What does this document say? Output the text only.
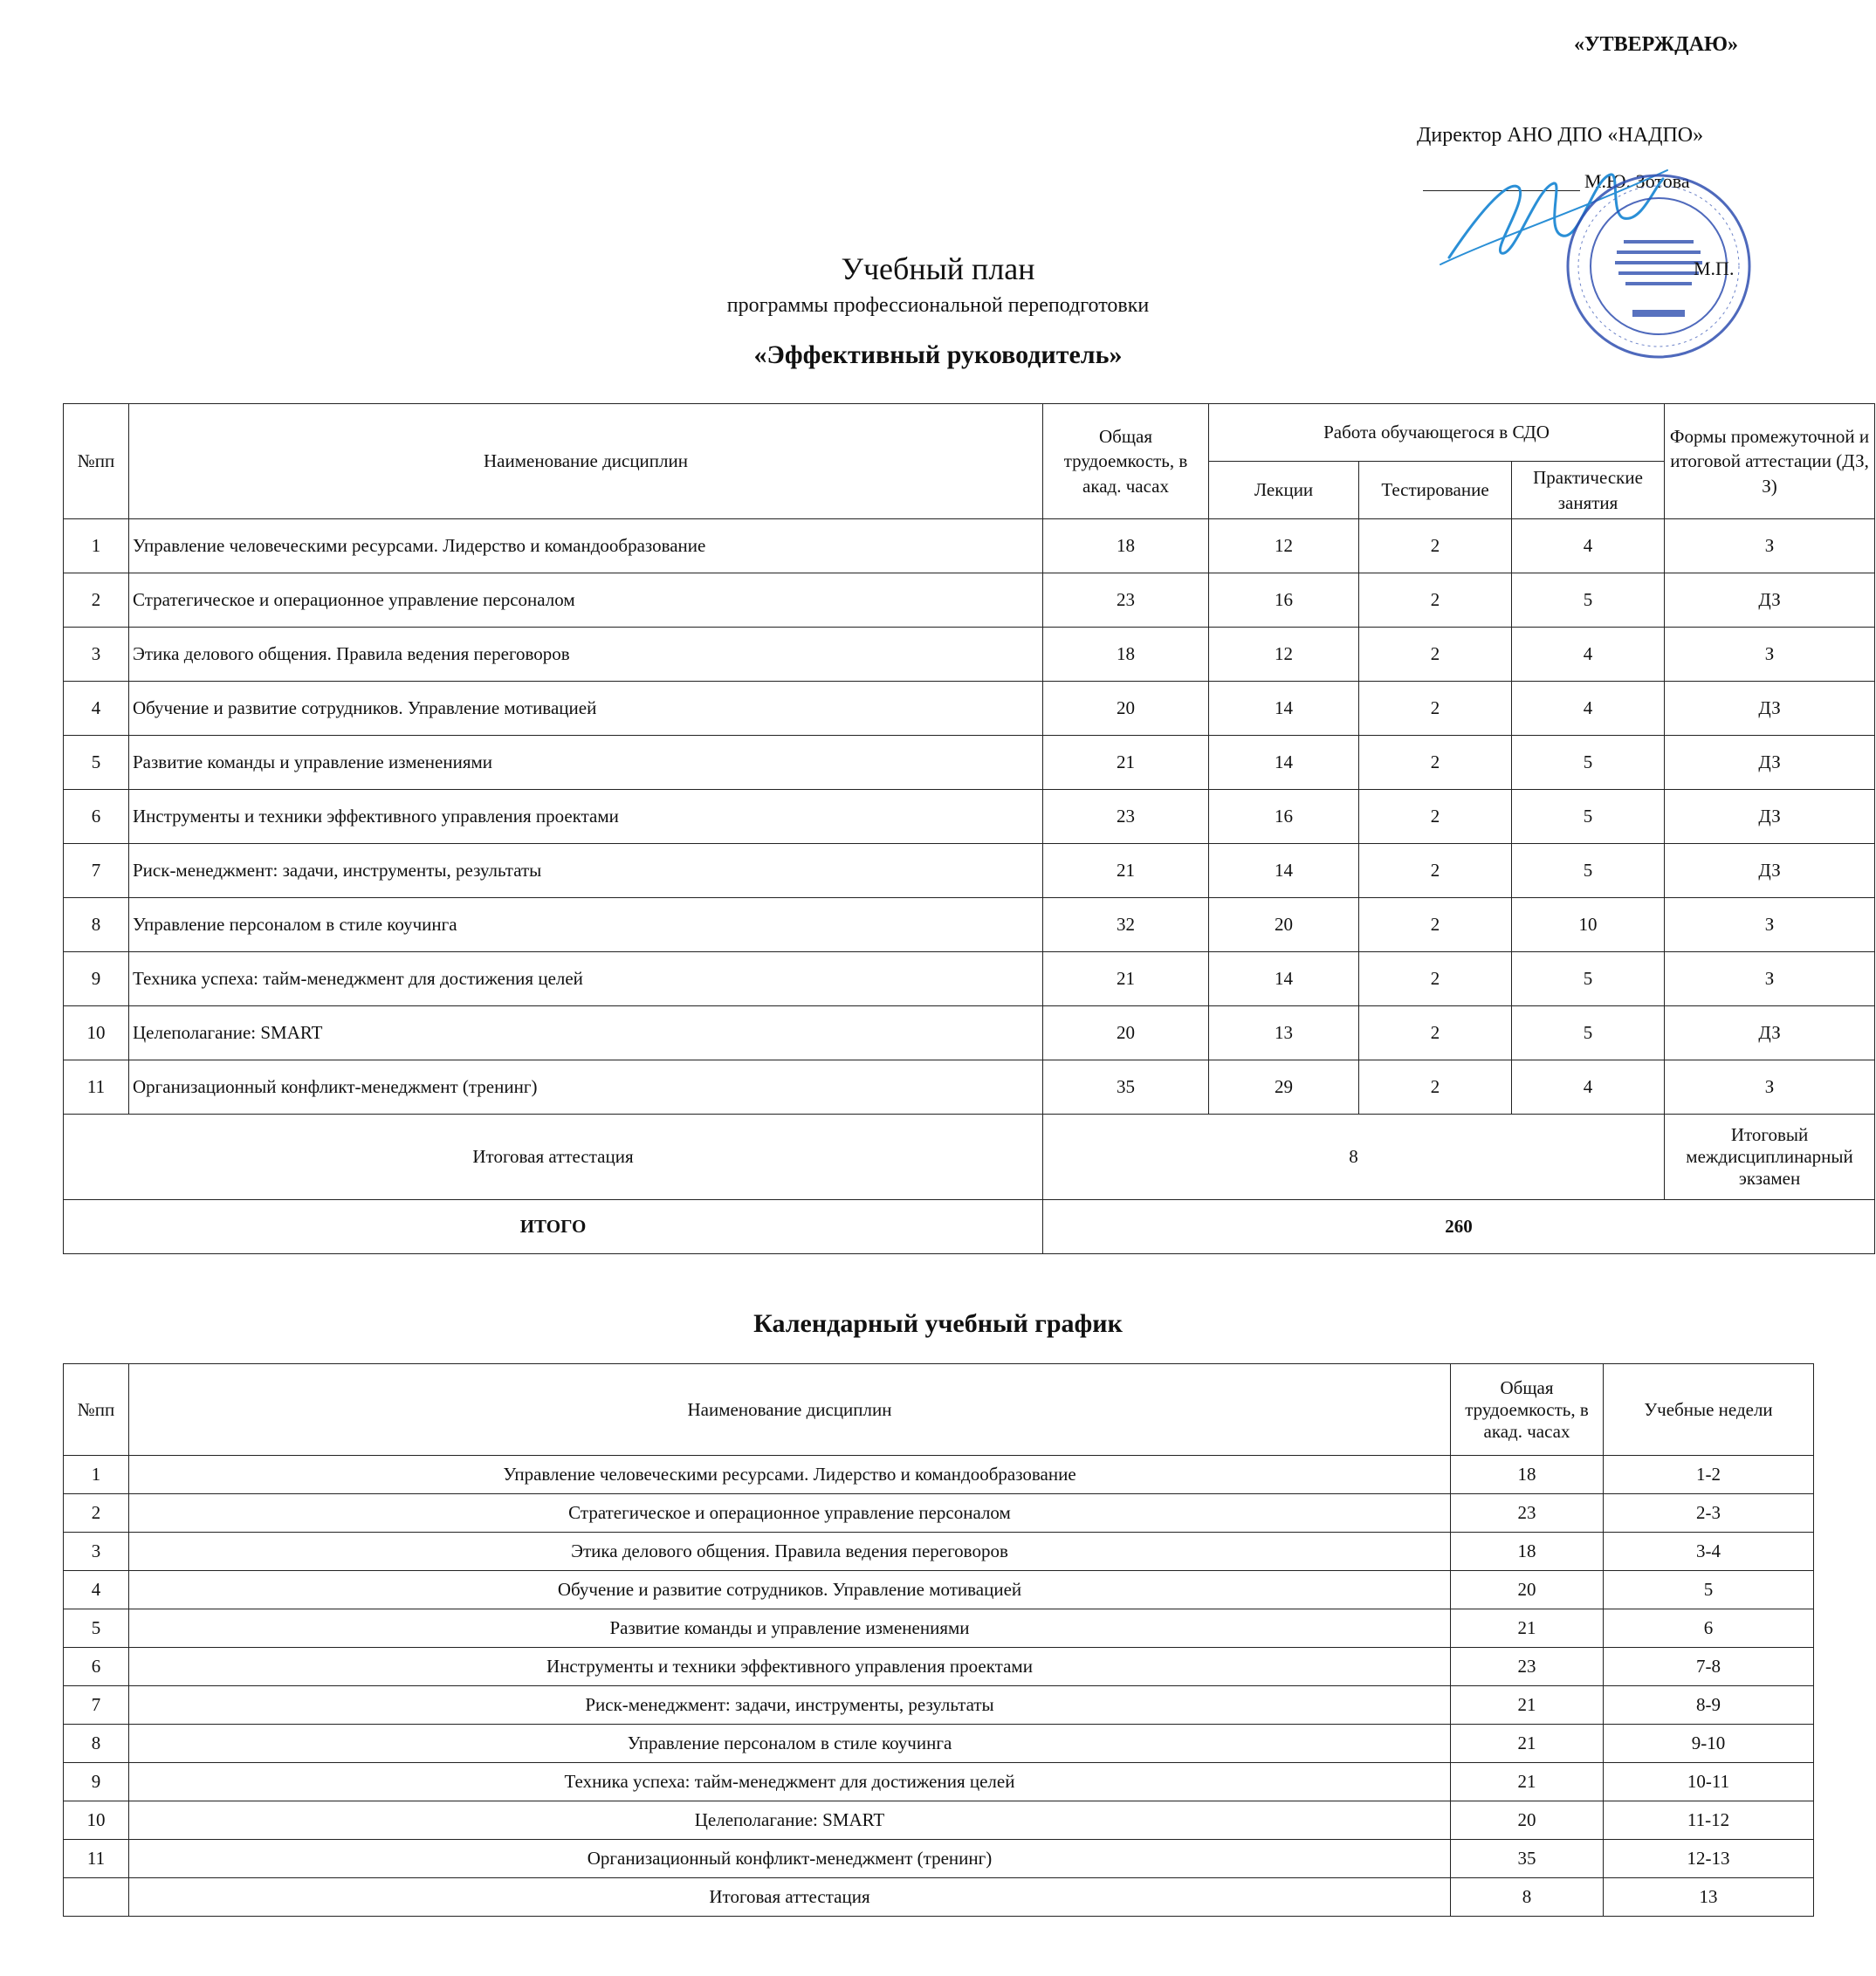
«УТВЕРЖДАЮ»
Директор АНО ДПО «НАДПО»
М.Ю. Зотова
М.П.
Учебный план
программы профессиональной переподготовки
«Эффективный руководитель»
№пп	Наименование дисциплин	Общая трудоемкость, в акад. часах	Работа обучающегося в СДО			Формы промежуточной и итоговой аттестации (ДЗ, З)
			Лекции	Тестирование	Практические занятия	
1	Управление человеческими ресурсами. Лидерство и командообразование	18	12	2	4	З
2	Стратегическое и операционное управление персоналом	23	16	2	5	ДЗ
3	Этика делового общения. Правила ведения переговоров	18	12	2	4	З
4	Обучение и развитие сотрудников. Управление мотивацией	20	14	2	4	ДЗ
5	Развитие команды и управление изменениями	21	14	2	5	ДЗ
6	Инструменты и техники эффективного управления проектами	23	16	2	5	ДЗ
7	Риск-менеджмент: задачи, инструменты, результаты	21	14	2	5	ДЗ
8	Управление персоналом в стиле коучинга	32	20	2	10	З
9	Техника успеха: тайм-менеджмент для достижения целей	21	14	2	5	З
10	Целеполагание: SMART	20	13	2	5	ДЗ
11	Организационный конфликт-менеджмент (тренинг)	35	29	2	4	З
Итоговая аттестация		8				Итоговый междисциплинарный экзамен
ИТОГО		260				
Календарный учебный график
№пп	Наименование дисциплин	Общая трудоемкость, в акад. часах	Учебные недели
1	Управление человеческими ресурсами. Лидерство и командообразование	18	1-2
2	Стратегическое и операционное управление персоналом	23	2-3
3	Этика делового общения. Правила ведения переговоров	18	3-4
4	Обучение и развитие сотрудников. Управление мотивацией	20	5
5	Развитие команды и управление изменениями	21	6
6	Инструменты и техники эффективного управления проектами	23	7-8
7	Риск-менеджмент: задачи, инструменты, результаты	21	8-9
8	Управление персоналом в стиле коучинга	21	9-10
9	Техника успеха: тайм-менеджмент для достижения целей	21	10-11
10	Целеполагание: SMART	20	11-12
11	Организационный конфликт-менеджмент (тренинг)	35	12-13
	Итоговая аттестация	8	13
